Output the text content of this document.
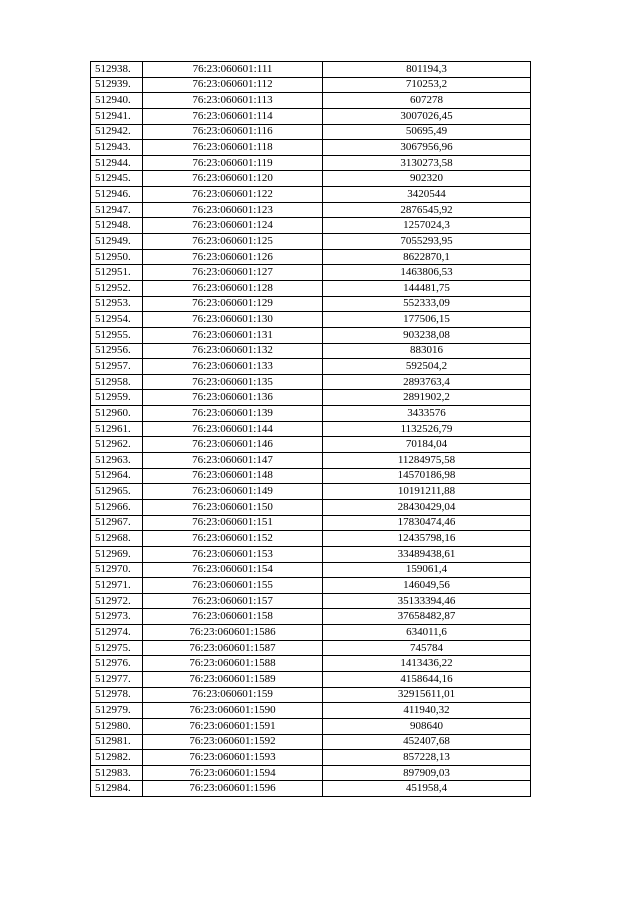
512938.	76:23:060601:111	801194,3
512939.	76:23:060601:112	710253,2
512940.	76:23:060601:113	607278
512941.	76:23:060601:114	3007026,45
512942.	76:23:060601:116	50695,49
512943.	76:23:060601:118	3067956,96
512944.	76:23:060601:119	3130273,58
512945.	76:23:060601:120	902320
512946.	76:23:060601:122	3420544
512947.	76:23:060601:123	2876545,92
512948.	76:23:060601:124	1257024,3
512949.	76:23:060601:125	7055293,95
512950.	76:23:060601:126	8622870,1
512951.	76:23:060601:127	1463806,53
512952.	76:23:060601:128	144481,75
512953.	76:23:060601:129	552333,09
512954.	76:23:060601:130	177506,15
512955.	76:23:060601:131	903238,08
512956.	76:23:060601:132	883016
512957.	76:23:060601:133	592504,2
512958.	76:23:060601:135	2893763,4
512959.	76:23:060601:136	2891902,2
512960.	76:23:060601:139	3433576
512961.	76:23:060601:144	1132526,79
512962.	76:23:060601:146	70184,04
512963.	76:23:060601:147	11284975,58
512964.	76:23:060601:148	14570186,98
512965.	76:23:060601:149	10191211,88
512966.	76:23:060601:150	28430429,04
512967.	76:23:060601:151	17830474,46
512968.	76:23:060601:152	12435798,16
512969.	76:23:060601:153	33489438,61
512970.	76:23:060601:154	159061,4
512971.	76:23:060601:155	146049,56
512972.	76:23:060601:157	35133394,46
512973.	76:23:060601:158	37658482,87
512974.	76:23:060601:1586	634011,6
512975.	76:23:060601:1587	745784
512976.	76:23:060601:1588	1413436,22
512977.	76:23:060601:1589	4158644,16
512978.	76:23:060601:159	32915611,01
512979.	76:23:060601:1590	411940,32
512980.	76:23:060601:1591	908640
512981.	76:23:060601:1592	452407,68
512982.	76:23:060601:1593	857228,13
512983.	76:23:060601:1594	897909,03
512984.	76:23:060601:1596	451958,4
